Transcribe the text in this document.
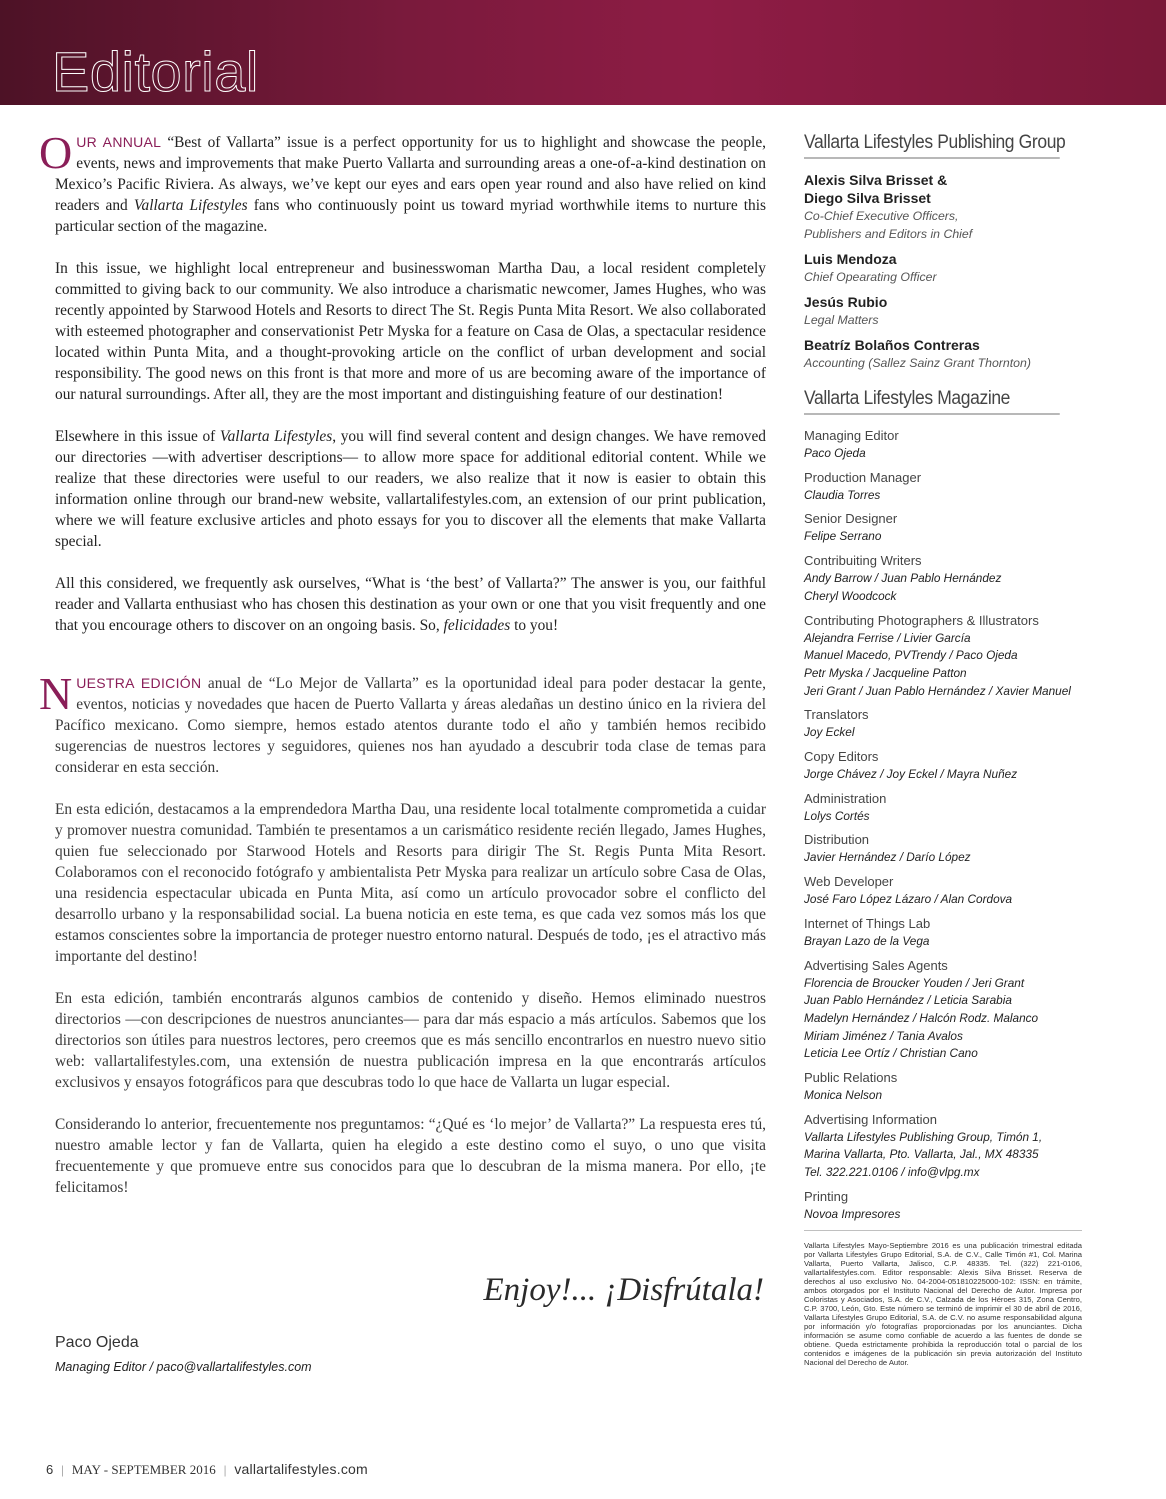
Editorial

OUR ANNUAL “Best of Vallarta” issue is a perfect opportunity for us to highlight and showcase the people, events, news and improvements that make Puerto Vallarta and surrounding areas a one-of-a-kind destination on Mexico’s Pacific Riviera. As always, we’ve kept our eyes and ears open year round and also have relied on kind readers and Vallarta Lifestyles fans who continuously point us toward myriad worthwhile items to nurture this particular section of the magazine.

In this issue, we highlight local entrepreneur and businesswoman Martha Dau, a local resident completely committed to giving back to our community. We also introduce a charismatic newcomer, James Hughes, who was recently appointed by Starwood Hotels and Resorts to direct The St. Regis Punta Mita Resort. We also collaborated with esteemed photographer and conservationist Petr Myska for a feature on Casa de Olas, a spectacular residence located within Punta Mita, and a thought-provoking article on the conflict of urban development and social responsibility. The good news on this front is that more and more of us are becoming aware of the importance of our natural surroundings. After all, they are the most important and distinguishing feature of our destination!

Elsewhere in this issue of Vallarta Lifestyles, you will find several content and design changes. We have removed our directories —with advertiser descriptions— to allow more space for additional editorial content. While we realize that these directories were useful to our readers, we also realize that it now is easier to obtain this information online through our brand-new website, vallartalifestyles.com, an extension of our print publication, where we will feature exclusive articles and photo essays for you to discover all the elements that make Vallarta special.

All this considered, we frequently ask ourselves, “What is ‘the best’ of Vallarta?” The answer is you, our faithful reader and Vallarta enthusiast who has chosen this destination as your own or one that you visit frequently and one that you encourage others to discover on an ongoing basis. So, felicidades to you!

NUESTRA EDICIÓN anual de “Lo Mejor de Vallarta” es la oportunidad ideal para poder destacar la gente, eventos, noticias y novedades que hacen de Puerto Vallarta y áreas aledañas un destino único en la riviera del Pacífico mexicano. Como siempre, hemos estado atentos durante todo el año y también hemos recibido sugerencias de nuestros lectores y seguidores, quienes nos han ayudado a descubrir toda clase de temas para considerar en esta sección.

En esta edición, destacamos a la emprendedora Martha Dau, una residente local totalmente comprometida a cuidar y promover nuestra comunidad. También te presentamos a un carismático residente recién llegado, James Hughes, quien fue seleccionado por Starwood Hotels and Resorts para dirigir The St. Regis Punta Mita Resort. Colaboramos con el reconocido fotógrafo y ambientalista Petr Myska para realizar un artículo sobre Casa de Olas, una residencia espectacular ubicada en Punta Mita, así como un artículo provocador sobre el conflicto del desarrollo urbano y la responsabilidad social. La buena noticia en este tema, es que cada vez somos más los que estamos conscientes sobre la importancia de proteger nuestro entorno natural. Después de todo, ¡es el atractivo más importante del destino!

En esta edición, también encontrarás algunos cambios de contenido y diseño. Hemos eliminado nuestros directorios —con descripciones de nuestros anunciantes— para dar más espacio a más artículos. Sabemos que los directorios son útiles para nuestros lectores, pero creemos que es más sencillo encontrarlos en nuestro nuevo sitio web: vallartalifestyles.com, una extensión de nuestra publicación impresa en la que encontrarás artículos exclusivos y ensayos fotográficos para que descubras todo lo que hace de Vallarta un lugar especial.

Considerando lo anterior, frecuentemente nos preguntamos: “¿Qué es ‘lo mejor’ de Vallarta?” La respuesta eres tú, nuestro amable lector y fan de Vallarta, quien ha elegido a este destino como el suyo, o uno que visita frecuentemente y que promueve entre sus conocidos para que lo descubran de la misma manera. Por ello, ¡te felicitamos!

Enjoy!... ¡Disfrútala!
Paco Ojeda
Managing Editor / paco@vallartalifestyles.com
6 | MAY - SEPTEMBER 2016 | vallartalifestyles.com
Vallarta Lifestyles Publishing Group
Alexis Silva Brisset &
Diego Silva Brisset
Co-Chief Executive Officers,
Publishers and Editors in Chief
Luis Mendoza
Chief Opearating Officer
Jesús Rubio
Legal Matters
Beatríz Bolaños Contreras
Accounting (Sallez Sainz Grant Thornton)
Vallarta Lifestyles Magazine
Managing Editor
Paco Ojeda
Production Manager
Claudia Torres
Senior Designer
Felipe Serrano
Contribuiting Writers
Andy Barrow / Juan Pablo Hernández
Cheryl Woodcock
Contributing Photographers & Illustrators
Alejandra Ferrise / Livier García
Manuel Macedo, PVTrendy / Paco Ojeda
Petr Myska / Jacqueline Patton
Jeri Grant / Juan Pablo Hernández / Xavier Manuel
Translators
Joy Eckel
Copy Editors
Jorge Chávez / Joy Eckel / Mayra Nuñez
Administration
Lolys Cortés
Distribution
Javier Hernández / Darío López
Web Developer
José Faro López Lázaro / Alan Cordova
Internet of Things Lab
Brayan Lazo de la Vega
Advertising Sales Agents
Florencia de Broucker Youden / Jeri Grant
Juan Pablo Hernández / Leticia Sarabia
Madelyn Hernández / Halcón Rodz. Malanco
Miriam Jiménez / Tania Avalos
Leticia Lee Ortíz / Christian Cano
Public Relations
Monica Nelson
Advertising Information
Vallarta Lifestyles Publishing Group, Timón 1,
Marina Vallarta, Pto. Vallarta, Jal., MX 48335
Tel. 322.221.0106 / info@vlpg.mx
Printing
Novoa Impresores
Vallarta Lifestyles Mayo-Septiembre 2016 es una publicación trimestral editada por Vallarta Lifestyles Grupo Editorial, S.A. de C.V., Calle Timón #1, Col. Marina Vallarta, Puerto Vallarta, Jalisco, C.P. 48335. Tel. (322) 221-0106, vallartalifestyles.com. Editor responsable: Alexis Silva Brisset. Reserva de derechos al uso exclusivo No. 04-2004-051810225000-102: ISSN: en trámite, ambos otorgados por el Instituto Nacional del Derecho de Autor. Impresa por Coloristas y Asociados, S.A. de C.V., Calzada de los Héroes 315, Zona Centro, C.P. 3700, León, Gto. Este número se terminó de imprimir el 30 de abril de 2016, Vallarta Lifestyles Grupo Editorial, S.A. de C.V. no asume responsabilidad alguna por información y/o fotografías proporcionadas por los anunciantes. Dicha información se asume como confiable de acuerdo a las fuentes de donde se obtiene. Queda estrictamente prohibida la reproducción total o parcial de los contenidos e imágenes de la publicación sin previa autorización del Instituto Nacional del Derecho de Autor.
